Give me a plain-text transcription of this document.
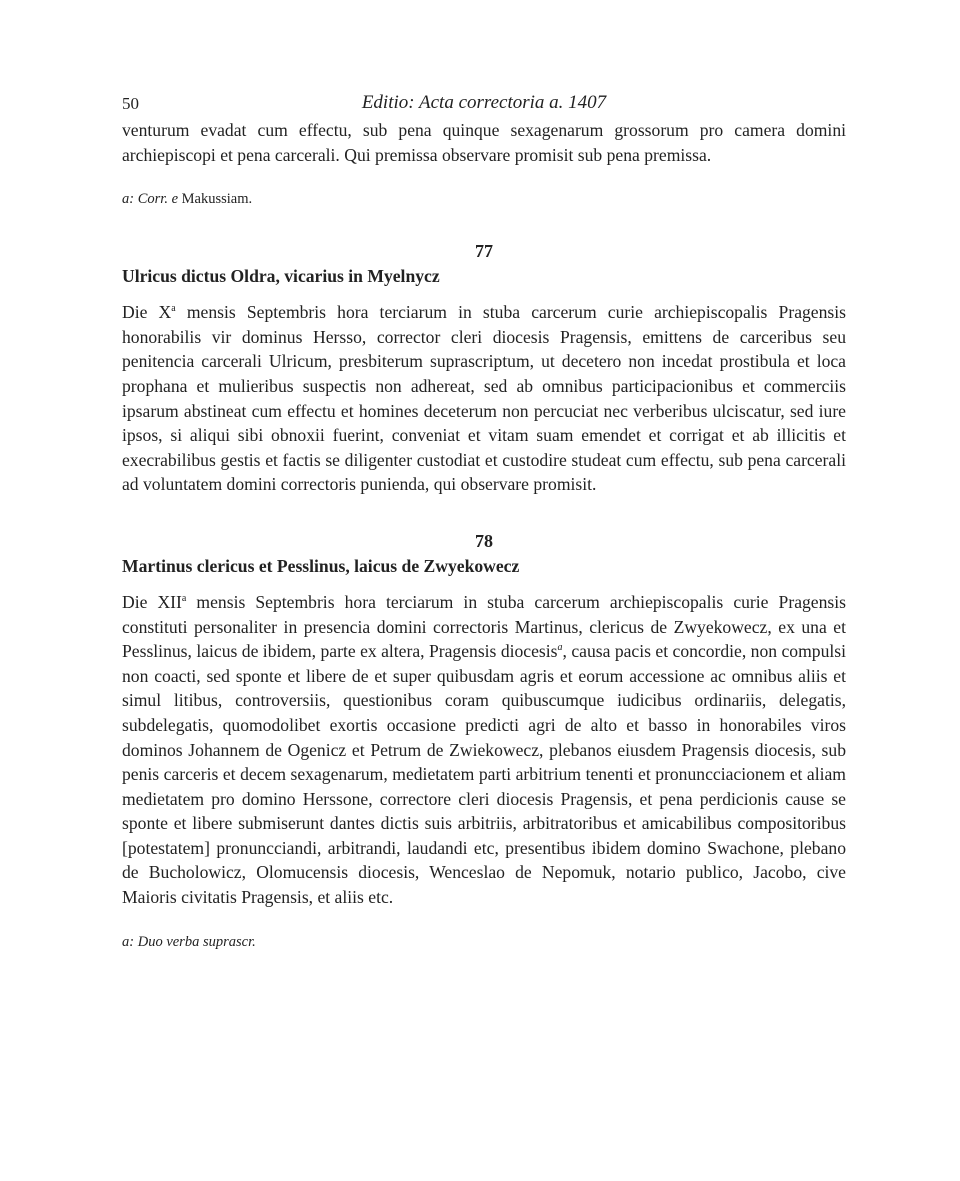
50	Editio: Acta correctoria a. 1407

venturum evadat cum effectu, sub pena quinque sexagenarum grossorum pro camera domini archiepiscopi et pena carcerali. Qui premissa observare promisit sub pena premissa.

a: Corr. e Makussiam.

77

Ulricus dictus Oldra, vicarius in Myelnycz

Die $X^a$ mensis Septembris hora terciarum in stuba carcerum curie archiepiscopalis Pragensis honorabilis vir dominus Hersso, corrector cleri diocesis Pragensis, emittens de carceribus seu penitencia carcerali Ulricum, presbiterum suprascriptum, ut decetero non incedat prostibula et loca prophana et mulieribus suspectis non adhereat, sed ab omnibus participacionibus et commerciis ipsarum abstineat cum effectu et homines deceterum non percuciat nec verberibus ulciscatur, sed iure ipsos, si aliqui sibi obnoxii fuerint, conveniat et vitam suam emendet et corrigat et ab illicitis et execrabilibus gestis et factis se diligenter custodiat et custodire studeat cum effectu, sub pena carcerali ad voluntatem domini correctoris punienda, qui observare promisit.

78

Martinus clericus et Pesslinus, laicus de Zwyekowecz

Die XII$^a$ mensis Septembris hora terciarum in stuba carcerum archiepiscopalis curie Pragensis constituti personaliter in presencia domini correctoris Martinus, clericus de Zwyekowecz, ex una et Pesslinus, laicus de ibidem, parte ex altera, Pragensis diocesis$^a$, causa pacis et concordie, non compulsi non coacti, sed sponte et libere de et super quibusdam agris et eorum accessione ac omnibus aliis et simul litibus, controversiis, questionibus coram quibuscumque iudicibus ordinariis, delegatis, subdelegatis, quomodolibet exortis occasione predicti agri de alto et basso in honorabiles viros dominos Johannem de Ogenicz et Petrum de Zwiekowecz, plebanos eiusdem Pragensis diocesis, sub penis carceris et decem sexagenarum, medietatem parti arbitrium tenenti et pronuncciacionem et aliam medietatem pro domino Herssone, correctore cleri diocesis Pragensis, et pena perdicionis cause se sponte et libere submiserunt dantes dictis suis arbitriis, arbitratoribus et amicabilibus compositoribus [potestatem] pronuncciandi, arbitrandi, laudandi etc, presentibus ibidem domino Swachone, plebano de Bucholowicz, Olomucensis diocesis, Wenceslao de Nepomuk, notario publico, Jacobo, cive Maioris civitatis Pragensis, et aliis etc.

a: Duo verba suprascr.
